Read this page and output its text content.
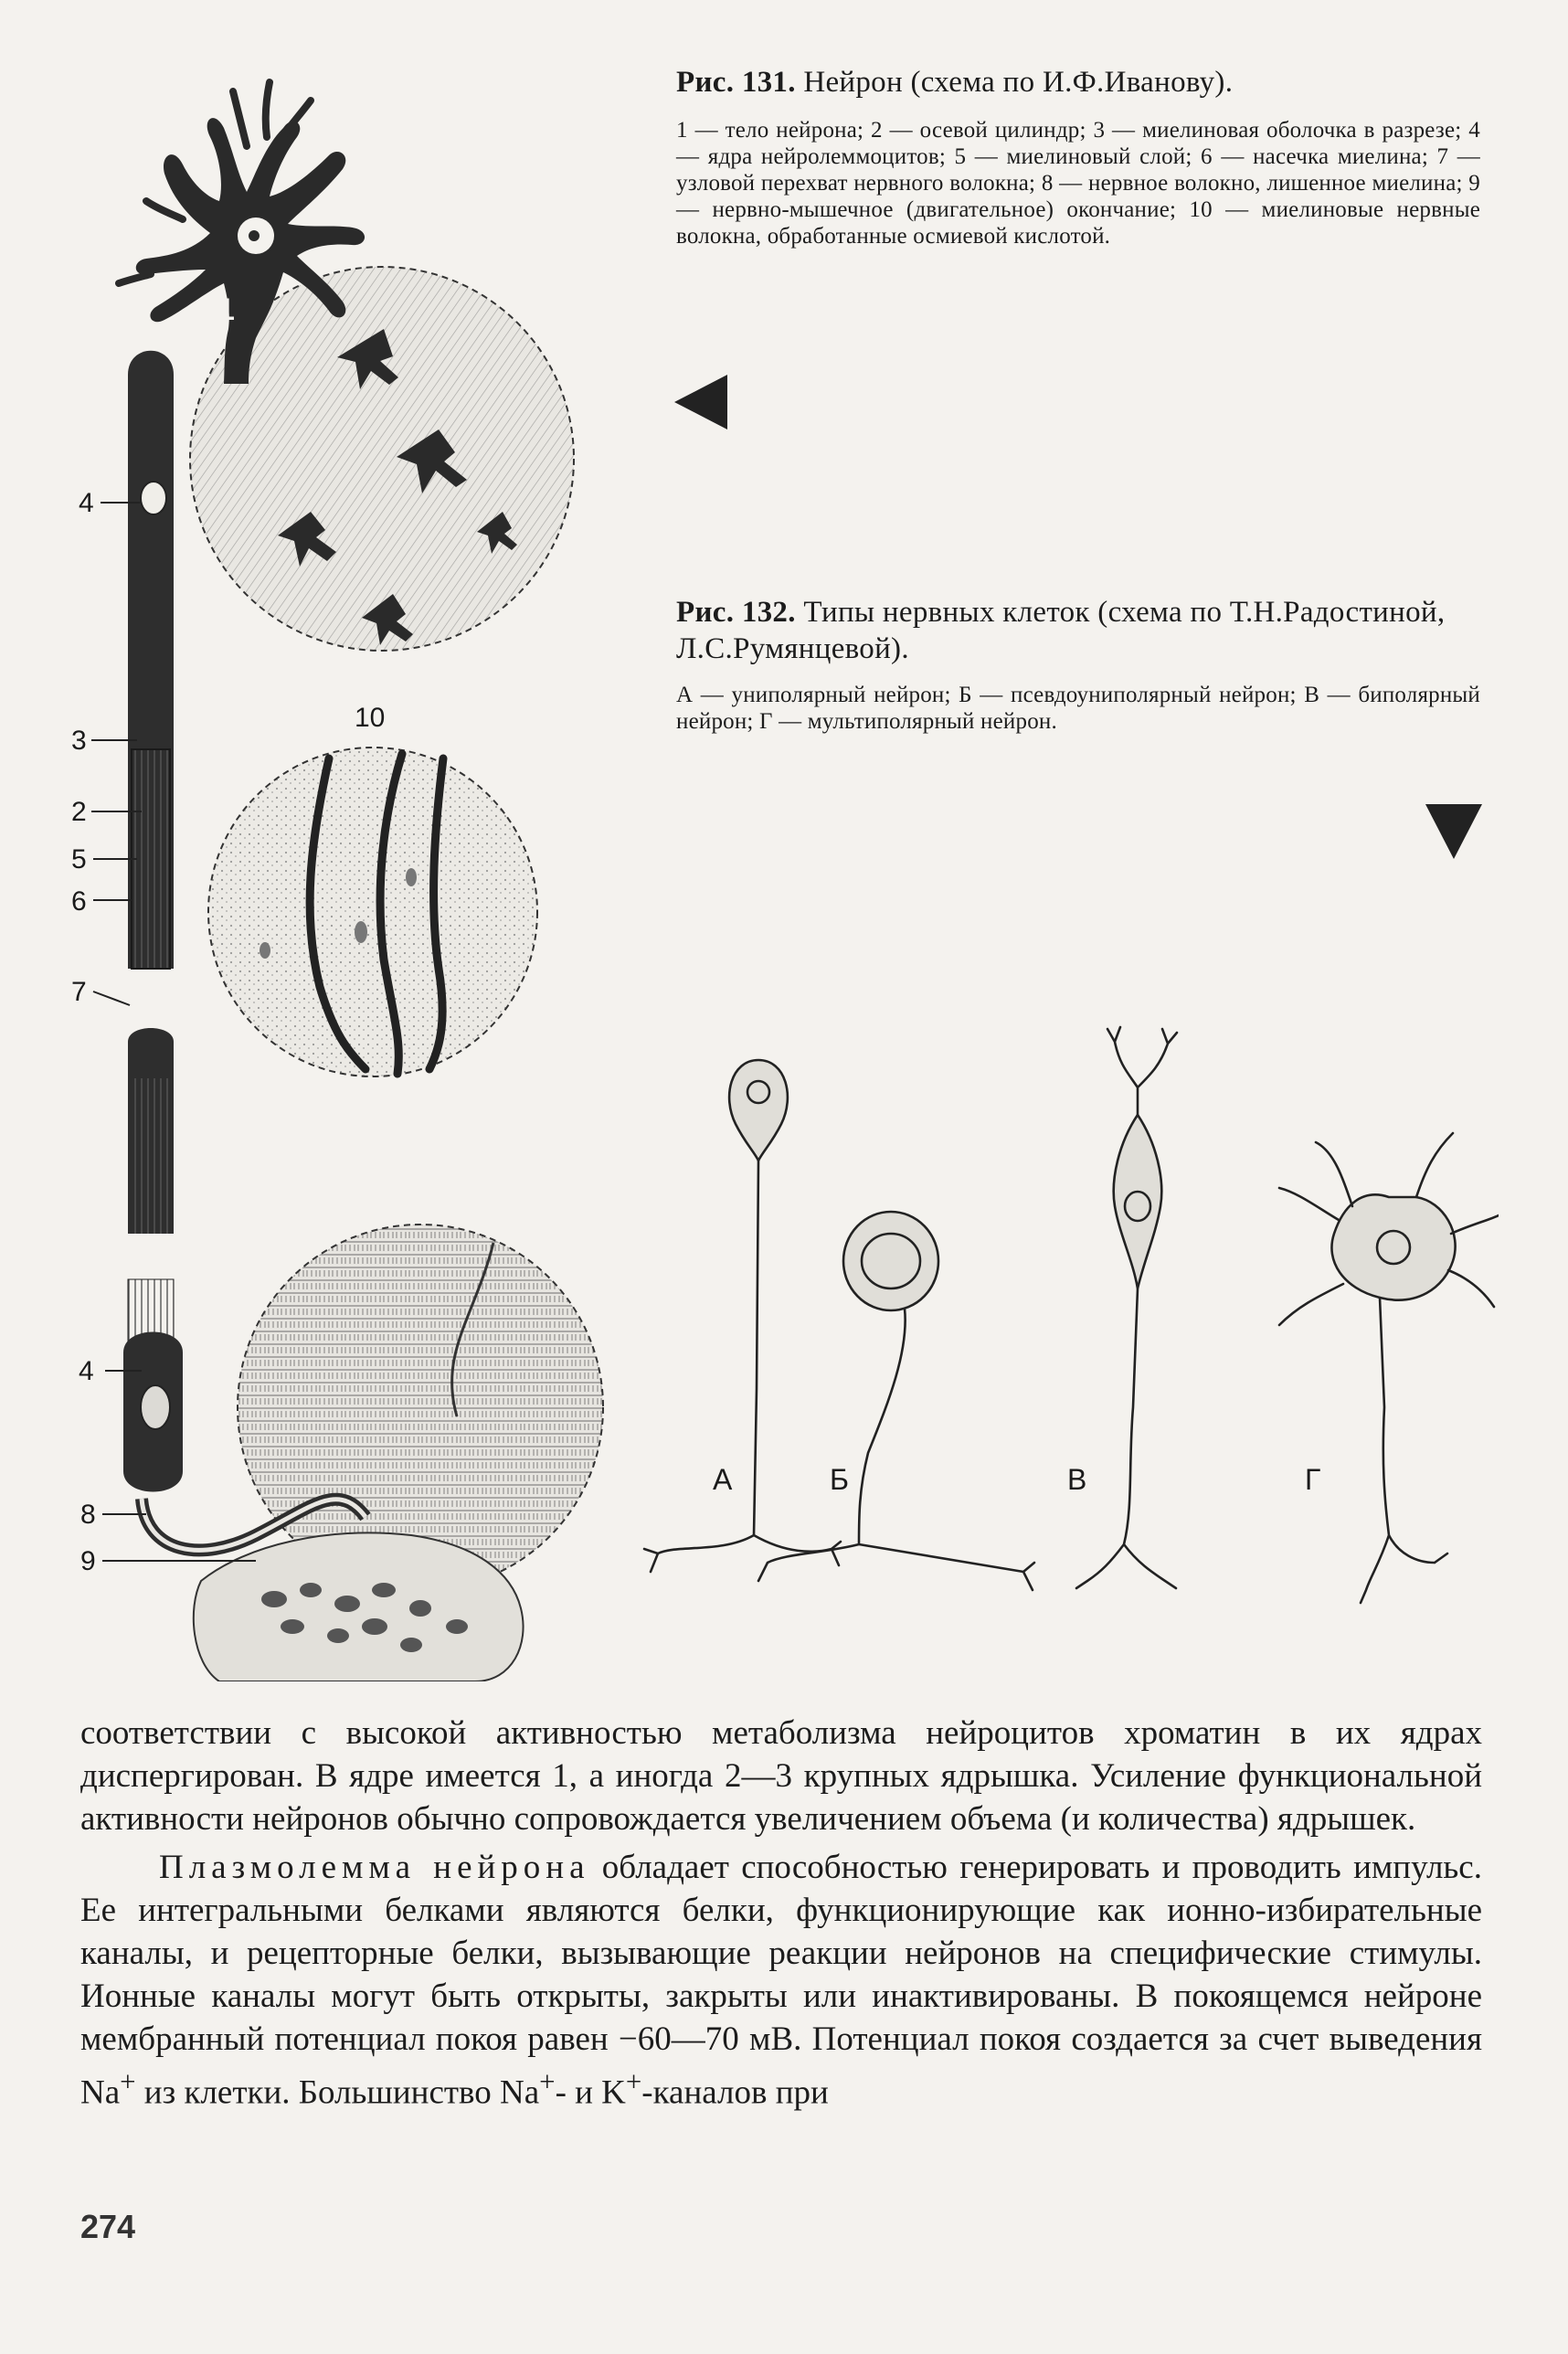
1
4
10
3
2
5
6
7
4
8
9
Рис. 131. Нейрон (схема по И.Ф.Иванову).
1 — тело нейрона; 2 — осевой цилиндр; 3 — миелиновая оболочка в разрезе; 4 — ядра нейролеммоцитов; 5 — миелиновый слой; 6 — насечка миелина; 7 — узловой перехват нервного волокна; 8 — нервное волокно, лишенное миелина; 9 — нервно-мышечное (двигательное) окончание; 10 — миелиновые нервные волокна, обработанные осмиевой кислотой.
Рис. 132. Типы нервных клеток (схема по Т.Н.Радостиной, Л.С.Румянцевой).
А — униполярный нейрон; Б — псевдоуниполярный нейрон; В — биполярный нейрон; Г — мультиполярный нейрон.
А	Б	В	Г

соответствии с высокой активностью метаболизма нейроцитов хроматин в их ядрах диспергирован. В ядре имеется 1, а иногда 2—3 крупных ядрышка. Усиление функциональной активности нейронов обычно сопровождается увеличением объема (и количества) ядрышек.

Плазмолемма нейрона обладает способностью генерировать и проводить импульс. Ее интегральными белками являются белки, функционирующие как ионно-избирательные каналы, и рецепторные белки, вызывающие реакции нейронов на специфические стимулы. Ионные каналы могут быть открыты, закрыты или инактивированы. В покоящемся нейроне мембранный потенциал покоя равен −60—70 мВ. Потенциал покоя создается за счет выведения Na+ из клетки. Большинство Na+- и K+-каналов при

274
